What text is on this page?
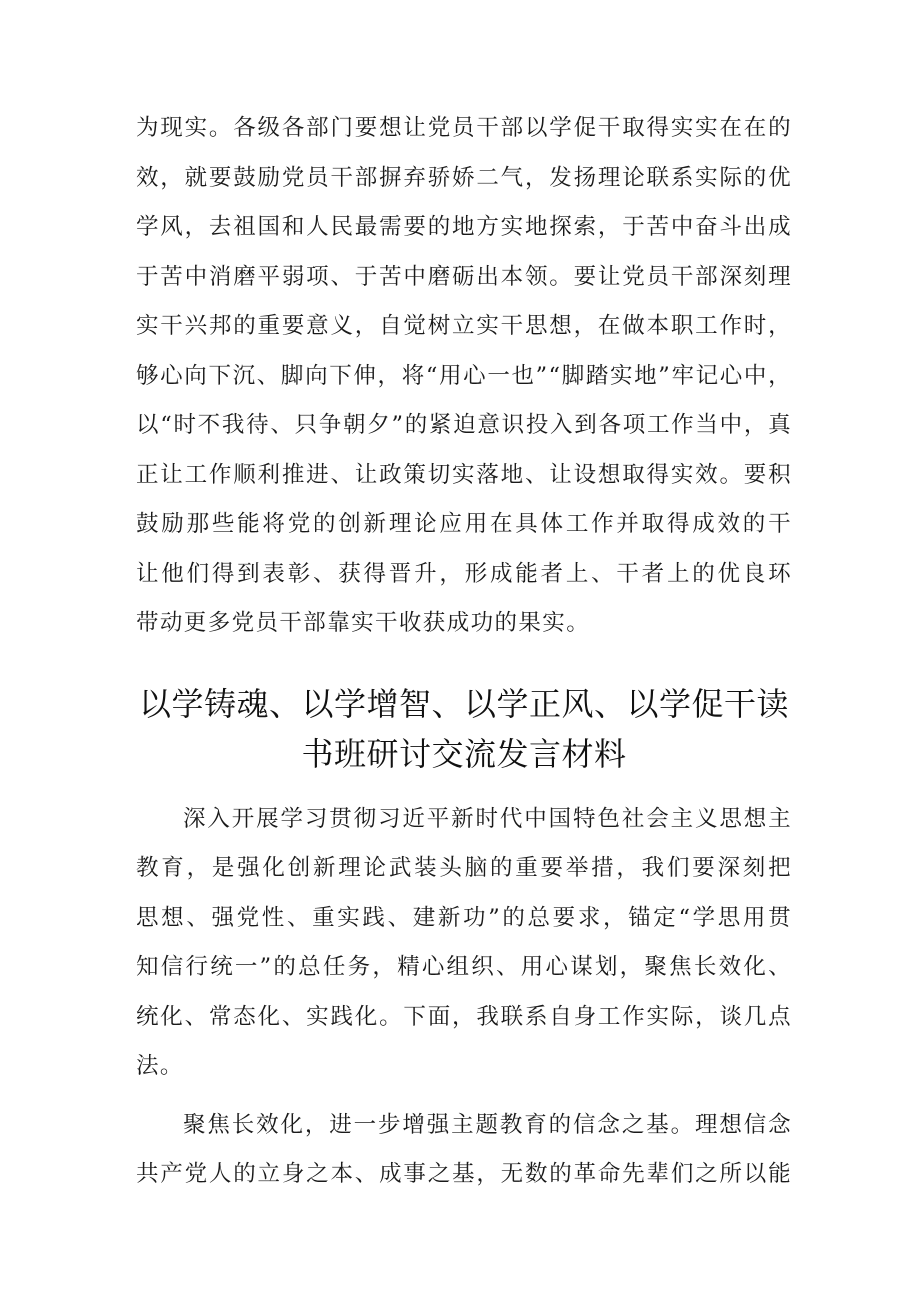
为现实。各级各部门要想让党员干部以学促干取得实实在在的
效，就要鼓励党员干部摒弃骄娇二气，发扬理论联系实际的优
学风，去祖国和人民最需要的地方实地探索，于苦中奋斗出成
于苦中消磨平弱项、于苦中磨砺出本领。要让党员干部深刻理
实干兴邦的重要意义，自觉树立实干思想，在做本职工作时，
够心向下沉、脚向下伸，将“用心一也”“脚踏实地”牢记心中，
以“时不我待、只争朝夕”的紧迫意识投入到各项工作当中，真
正让工作顺利推进、让政策切实落地、让设想取得实效。要积
鼓励那些能将党的创新理论应用在具体工作并取得成效的干
让他们得到表彰、获得晋升，形成能者上、干者上的优良环
带动更多党员干部靠实干收获成功的果实。
以学铸魂、以学增智、以学正风、以学促干读
书班研讨交流发言材料
深入开展学习贯彻习近平新时代中国特色社会主义思想主
教育，是强化创新理论武装头脑的重要举措，我们要深刻把
思想、强党性、重实践、建新功”的总要求，锚定“学思用贯
知信行统一”的总任务，精心组织、用心谋划，聚焦长效化、
统化、常态化、实践化。下面，我联系自身工作实际，谈几点
法。
聚焦长效化，进一步增强主题教育的信念之基。理想信念
共产党人的立身之本、成事之基，无数的革命先辈们之所以能
